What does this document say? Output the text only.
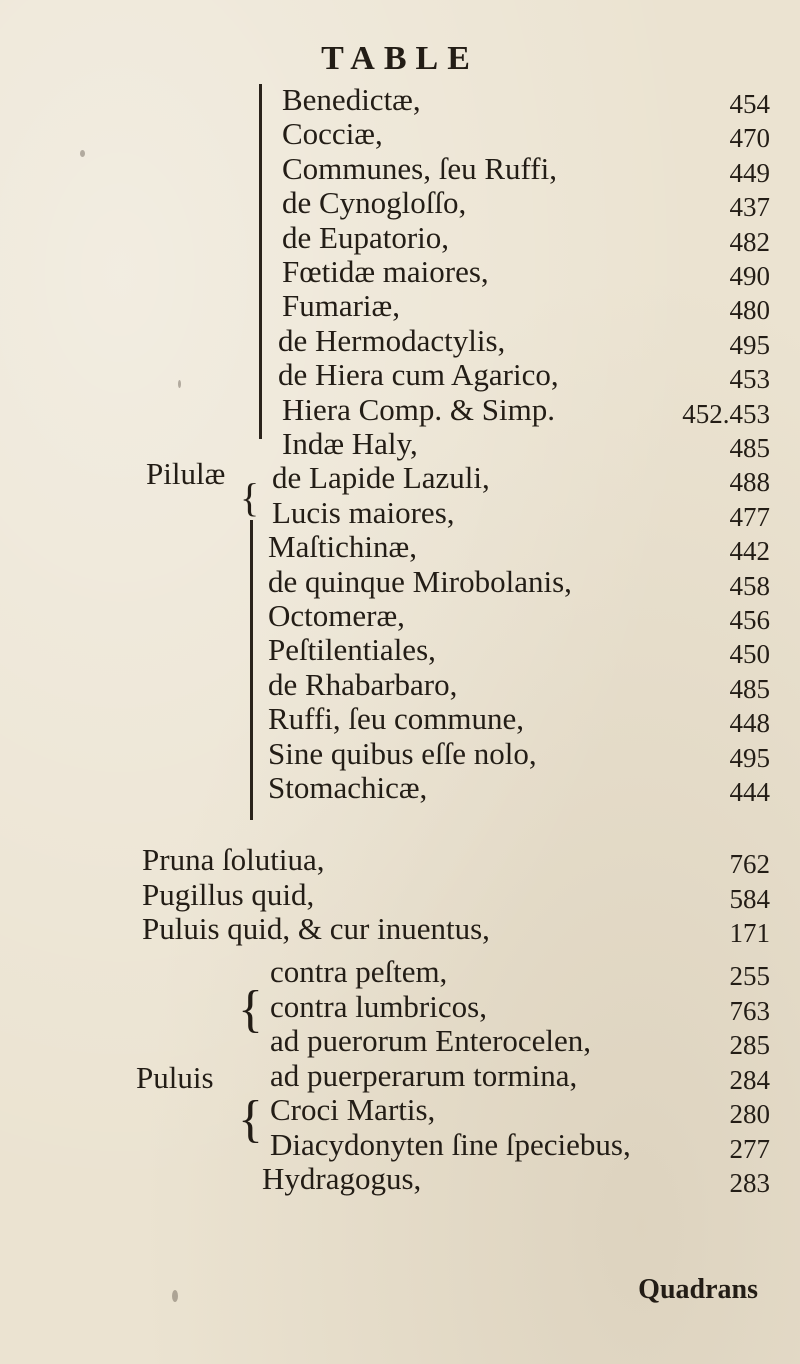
TABLE
{
Pilulæ
Benedictæ,	454
Cocciæ,	470
Communes, ſeu Ruffi,	449
de Cynogloſſo,	437
de Eupatorio,	482
Fœtidæ maiores,	490
Fumariæ,	480
de Hermodactylis,	495
de Hiera cum Agarico,	453
Hiera Comp. & Simp.	452.453
Indæ Haly,	485
de Lapide Lazuli,	488
Lucis maiores,	477
Maſtichinæ,	442
de quinque Mirobolanis,	458
Octomeræ,	456
Peſtilentiales,	450
de Rhabarbaro,	485
Ruffi, ſeu commune,	448
Sine quibus eſſe nolo,	495
Stomachicæ,	444
Pruna ſolutiua,	762
Pugillus quid,	584
Puluis quid, & cur inuentus,	171
{
{
Puluis
contra peſtem,	255
contra lumbricos,	763
ad puerorum Enterocelen,	285
ad puerperarum tormina,	284
Croci Martis,	280
Diacydonyten ſine ſpeciebus,	277
Hydragogus,	283
Quadrans
